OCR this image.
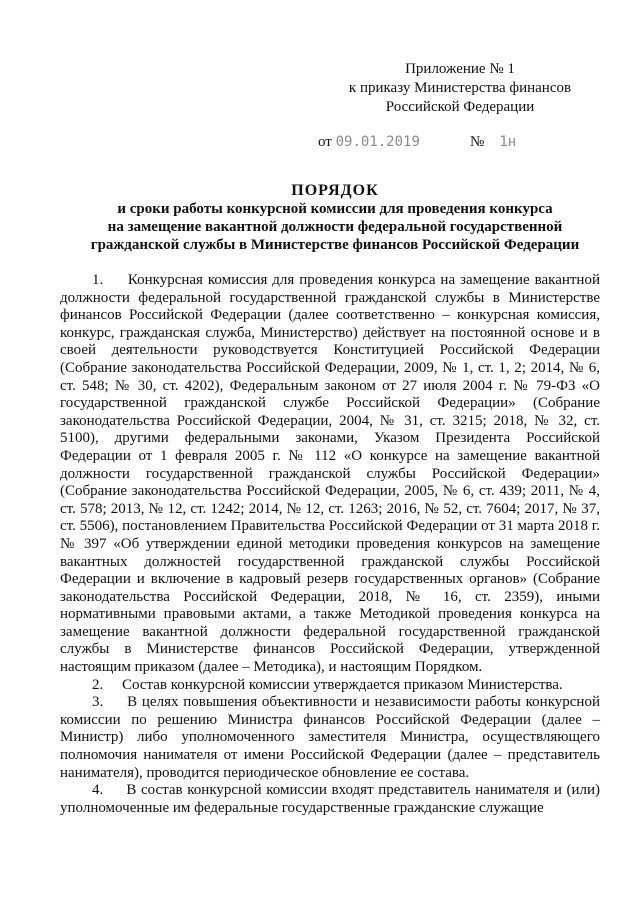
Приложение № 1
к приказу Министерства финансов
Российской Федерации
от 09.01.2019	№ 1н
ПОРЯДОК
и сроки работы конкурсной комиссии для проведения конкурса
на замещение вакантной должности федеральной государственной
гражданской службы в Министерстве финансов Российской Федерации

1.     Конкурсная комиссия для проведения конкурса на замещение вакантной должности федеральной государственной гражданской службы в Министерстве финансов Российской Федерации (далее соответственно – конкурсная комиссия, конкурс, гражданская служба, Министерство) действует на постоянной основе и в своей деятельности руководствуется Конституцией Российской Федерации (Собрание законодательства Российской Федерации, 2009, № 1, ст. 1, 2; 2014, № 6, ст. 548; № 30, ст. 4202), Федеральным законом от 27 июля 2004 г. № 79-ФЗ «О государственной гражданской службе Российской Федерации» (Собрание законодательства Российской Федерации, 2004, № 31, ст. 3215; 2018, № 32, ст. 5100), другими федеральными законами, Указом Президента Российской Федерации от 1 февраля 2005 г. № 112 «О конкурсе на замещение вакантной должности государственной гражданской службы Российской Федерации» (Собрание законодательства Российской Федерации, 2005, № 6, ст. 439; 2011, № 4, ст. 578; 2013, № 12, ст. 1242; 2014, № 12, ст. 1263; 2016, № 52, ст. 7604; 2017, № 37, ст. 5506), постановлением Правительства Российской Федерации от 31 марта 2018 г. № 397 «Об утверждении единой методики проведения конкурсов на замещение вакантных должностей государственной гражданской службы Российской Федерации и включение в кадровый резерв государственных органов» (Собрание законодательства Российской Федерации, 2018, № 16, ст. 2359), иными нормативными правовыми актами, а также Методикой проведения конкурса на замещение вакантной должности федеральной государственной гражданской службы в Министерстве финансов Российской Федерации, утвержденной настоящим приказом (далее – Методика), и настоящим Порядком.

2.     Состав конкурсной комиссии утверждается приказом Министерства.

3.     В целях повышения объективности и независимости работы конкурсной комиссии по решению Министра финансов Российской Федерации (далее – Министр) либо уполномоченного заместителя Министра, осуществляющего полномочия нанимателя от имени Российской Федерации (далее – представитель нанимателя), проводится периодическое обновление ее состава.

4.     В состав конкурсной комиссии входят представитель нанимателя и (или) уполномоченные им федеральные государственные гражданские служащие
